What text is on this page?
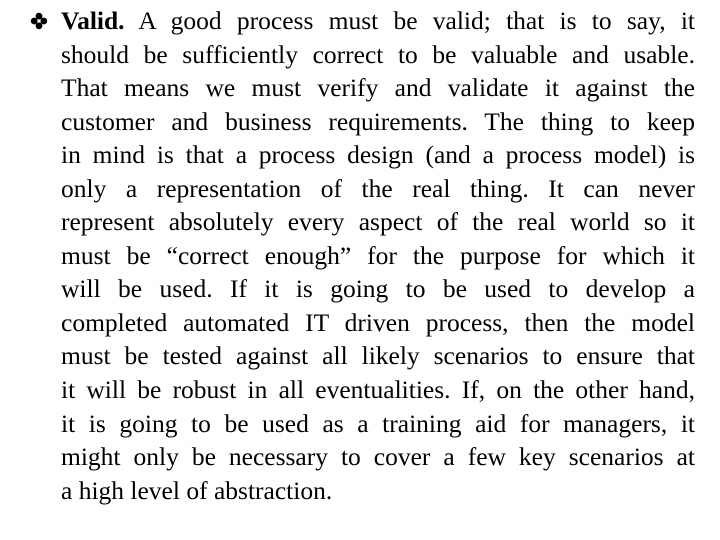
Valid. A good process must be valid; that is to say, it
should be sufficiently correct to be valuable and usable.
That means we must verify and validate it against the
customer and business requirements. The thing to keep
in mind is that a process design (and a process model) is
only a representation of the real thing. It can never
represent absolutely every aspect of the real world so it
must be “correct enough” for the purpose for which it
will be used. If it is going to be used to develop a
completed automated IT driven process, then the model
must be tested against all likely scenarios to ensure that
it will be robust in all eventualities. If, on the other hand,
it is going to be used as a training aid for managers, it
might only be necessary to cover a few key scenarios at
a high level of abstraction.
